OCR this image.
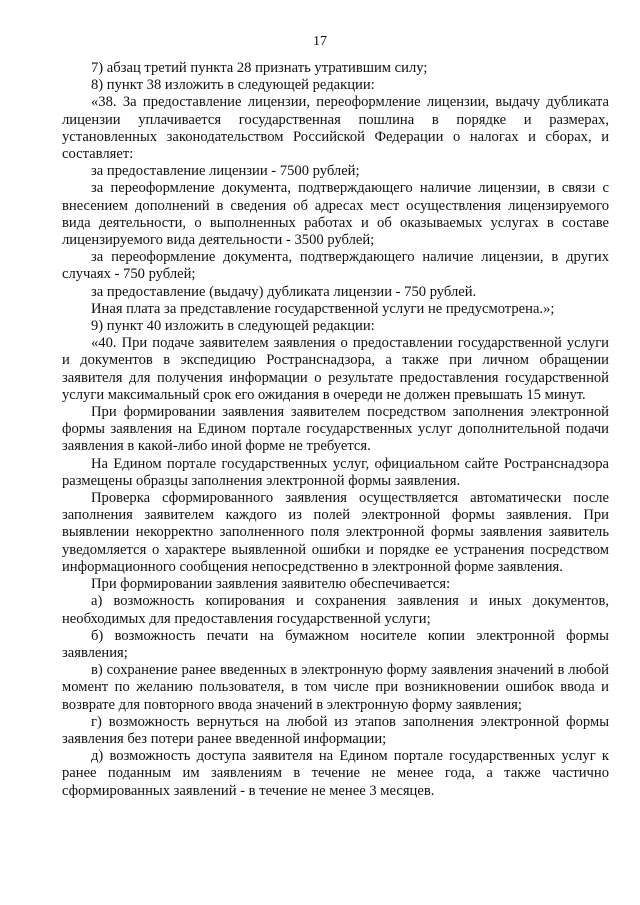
17

7) абзац третий пункта 28 признать утратившим силу;

8) пункт 38 изложить в следующей редакции:

«38. За предоставление лицензии, переоформление лицензии, выдачу дубликата лицензии уплачивается государственная пошлина в порядке и размерах, установленных законодательством Российской Федерации о налогах и сборах, и составляет:

за предоставление лицензии - 7500 рублей;

за переоформление документа, подтверждающего наличие лицензии, в связи с внесением дополнений в сведения об адресах мест осуществления лицензируемого вида деятельности, о выполненных работах и об оказываемых услугах в составе лицензируемого вида деятельности - 3500 рублей;

за переоформление документа, подтверждающего наличие лицензии, в других случаях - 750 рублей;

за предоставление (выдачу) дубликата лицензии - 750 рублей.

Иная плата за представление государственной услуги не предусмотрена.»;

9) пункт 40 изложить в следующей редакции:

«40. При подаче заявителем заявления о предоставлении государственной услуги и документов в экспедицию Ространснадзора, а также при личном обращении заявителя для получения информации о результате предоставления государственной услуги максимальный срок его ожидания в очереди не должен превышать 15 минут.

При формировании заявления заявителем посредством заполнения электронной формы заявления на Едином портале государственных услуг дополнительной подачи заявления в какой-либо иной форме не требуется.

На Едином портале государственных услуг, официальном сайте Ространснадзора размещены образцы заполнения электронной формы заявления.

Проверка сформированного заявления осуществляется автоматически после заполнения заявителем каждого из полей электронной формы заявления. При выявлении некорректно заполненного поля электронной формы заявления заявитель уведомляется о характере выявленной ошибки и порядке ее устранения посредством информационного сообщения непосредственно в электронной форме заявления.

При формировании заявления заявителю обеспечивается:

а) возможность копирования и сохранения заявления и иных документов, необходимых для предоставления государственной услуги;

б) возможность печати на бумажном носителе копии электронной формы заявления;

в) сохранение ранее введенных в электронную форму заявления значений в любой момент по желанию пользователя, в том числе при возникновении ошибок ввода и возврате для повторного ввода значений в электронную форму заявления;

г) возможность вернуться на любой из этапов заполнения электронной формы заявления без потери ранее введенной информации;

д) возможность доступа заявителя на Едином портале государственных услуг к ранее поданным им заявлениям в течение не менее года, а также частично сформированных заявлений - в течение не менее 3 месяцев.
